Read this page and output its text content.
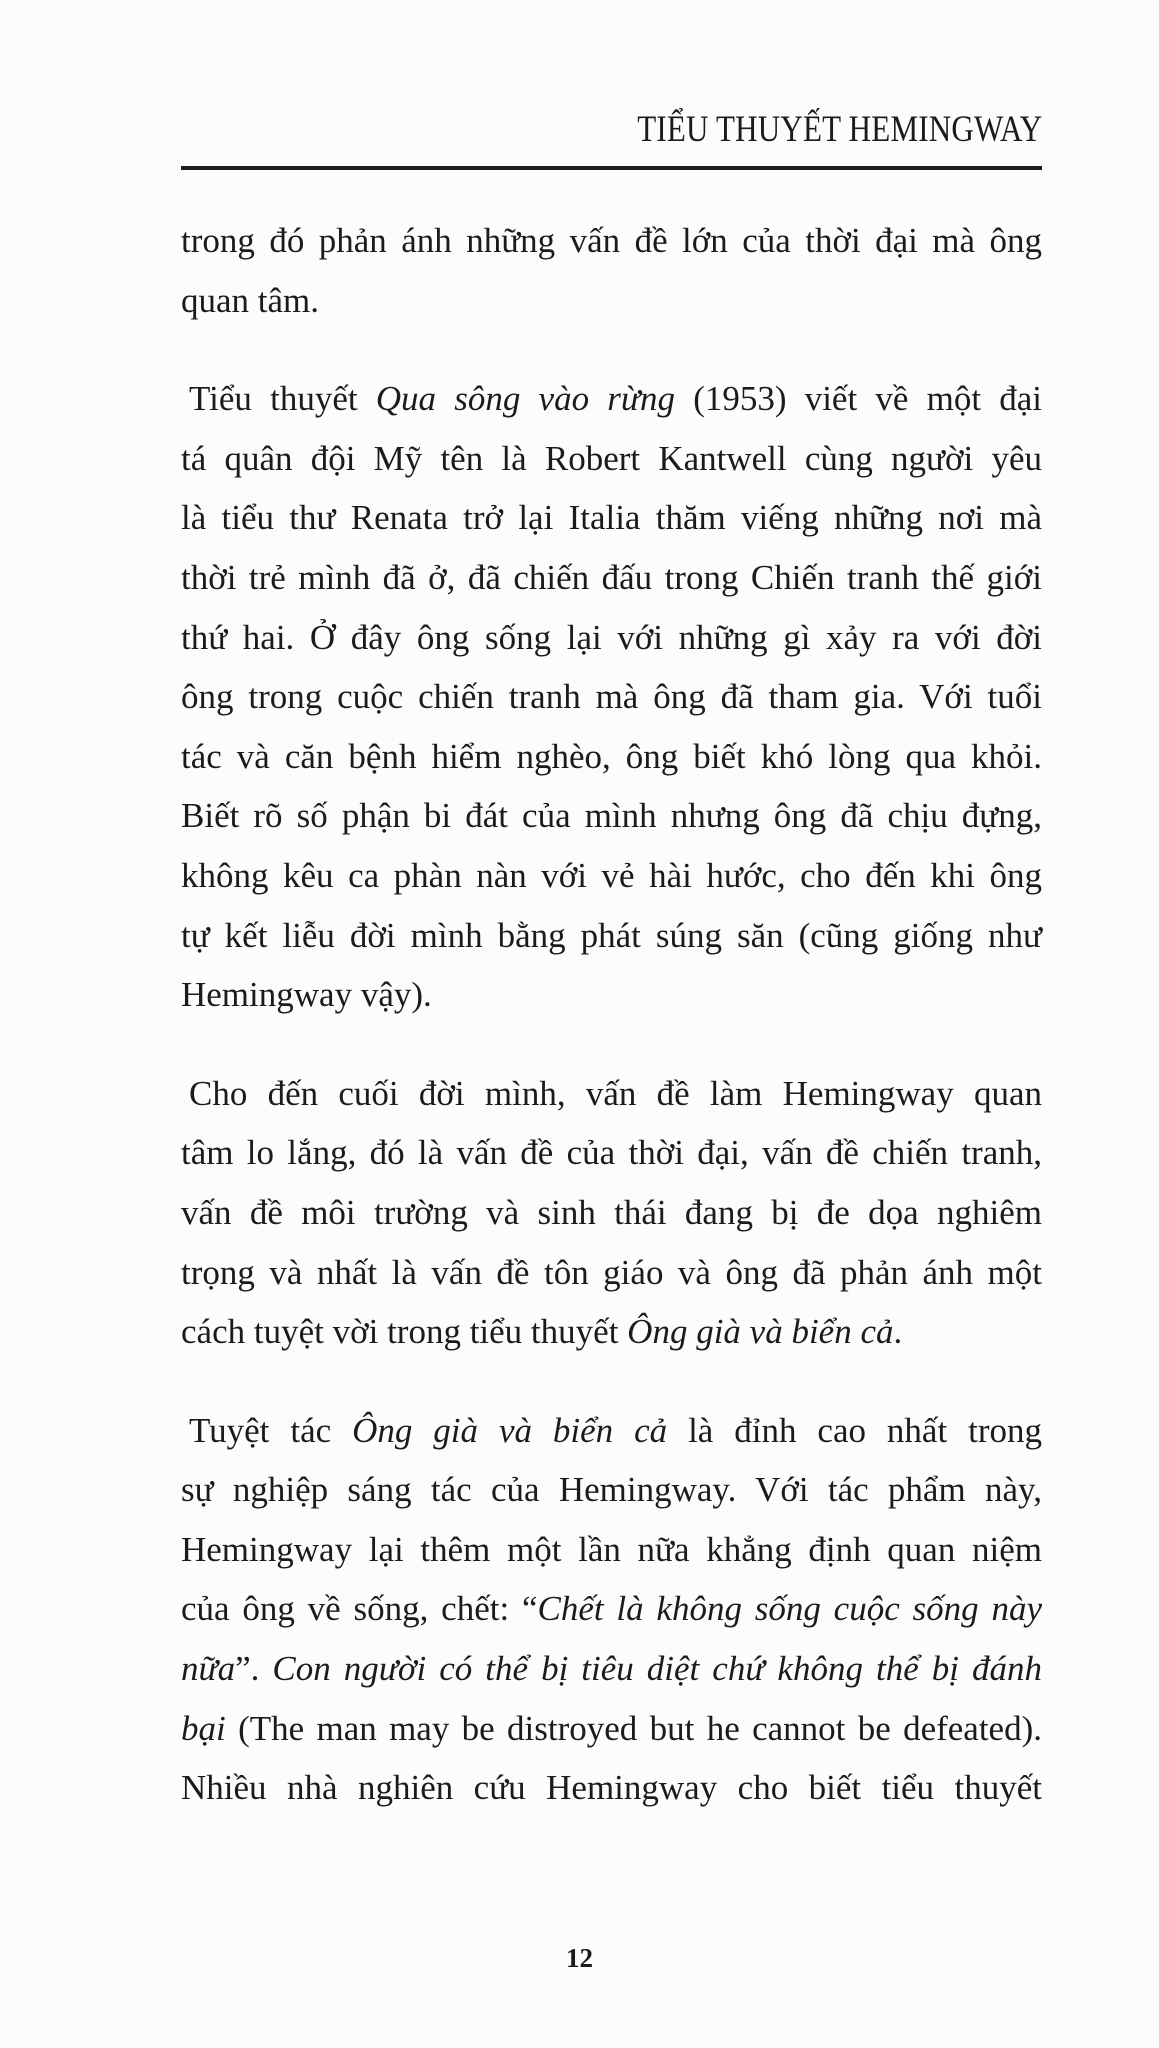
TIỂU THUYẾT HEMINGWAY
trong đó phản ánh những vấn đề lớn của thời đại mà ông
quan tâm.
Tiểu thuyết Qua sông vào rừng (1953) viết về một đại
tá quân đội Mỹ tên là Robert Kantwell cùng người yêu
là tiểu thư Renata trở lại Italia thăm viếng những nơi mà
thời trẻ mình đã ở, đã chiến đấu trong Chiến tranh thế giới
thứ hai. Ở đây ông sống lại với những gì xảy ra với đời
ông trong cuộc chiến tranh mà ông đã tham gia. Với tuổi
tác và căn bệnh hiểm nghèo, ông biết khó lòng qua khỏi.
Biết rõ số phận bi đát của mình nhưng ông đã chịu đựng,
không kêu ca phàn nàn với vẻ hài hước, cho đến khi ông
tự kết liễu đời mình bằng phát súng săn (cũng giống như
Hemingway vậy).
Cho đến cuối đời mình, vấn đề làm Hemingway quan
tâm lo lắng, đó là vấn đề của thời đại, vấn đề chiến tranh,
vấn đề môi trường và sinh thái đang bị đe dọa nghiêm
trọng và nhất là vấn đề tôn giáo và ông đã phản ánh một
cách tuyệt vời trong tiểu thuyết Ông già và biển cả.
Tuyệt tác Ông già và biển cả là đỉnh cao nhất trong
sự nghiệp sáng tác của Hemingway. Với tác phẩm này,
Hemingway lại thêm một lần nữa khẳng định quan niệm
của ông về sống, chết: “Chết là không sống cuộc sống này
nữa”. Con người có thể bị tiêu diệt chứ không thể bị đánh
bại (The man may be distroyed but he cannot be defeated).
Nhiều nhà nghiên cứu Hemingway cho biết tiểu thuyết
12
